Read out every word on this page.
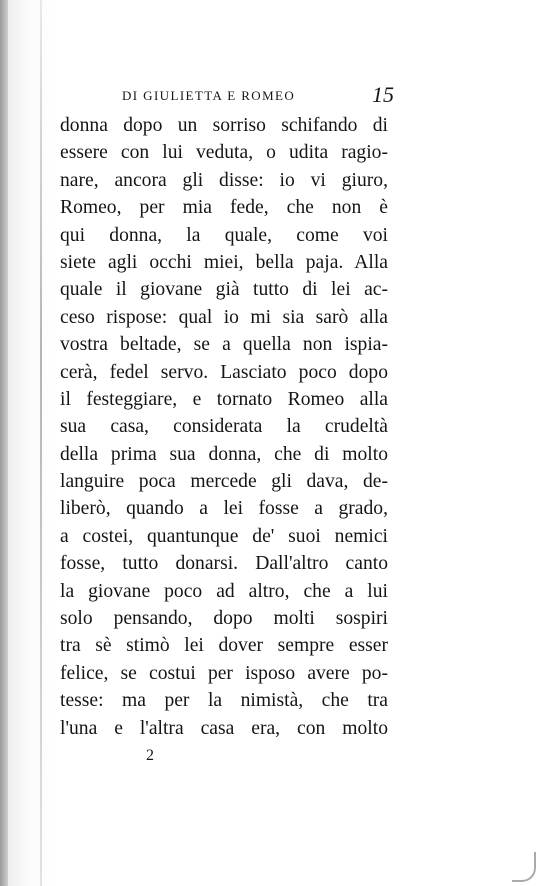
DI GIULIETTA E ROMEO	15
donna dopo un sorriso schifando di
essere con lui veduta, o udita ragio-
nare, ancora gli disse: io vi giuro,
Romeo, per mia fede, che non è
qui donna, la quale, come voi
siete agli occhi miei, bella paja. Alla
quale il giovane già tutto di lei ac-
ceso rispose: qual io mi sia sarò alla
vostra beltade, se a quella non ispia-
cerà, fedel servo. Lasciato poco dopo
il festeggiare, e tornato Romeo alla
sua casa, considerata la crudeltà
della prima sua donna, che di molto
languire poca mercede gli dava, de-
liberò, quando a lei fosse a grado,
a costei, quantunque de' suoi nemici
fosse, tutto donarsi. Dall'altro canto
la giovane poco ad altro, che a lui
solo pensando, dopo molti sospiri
tra sè stimò lei dover sempre esser
felice, se costui per isposo avere po-
tesse: ma per la nimistà, che tra
l'una e l'altra casa era, con molto
2
